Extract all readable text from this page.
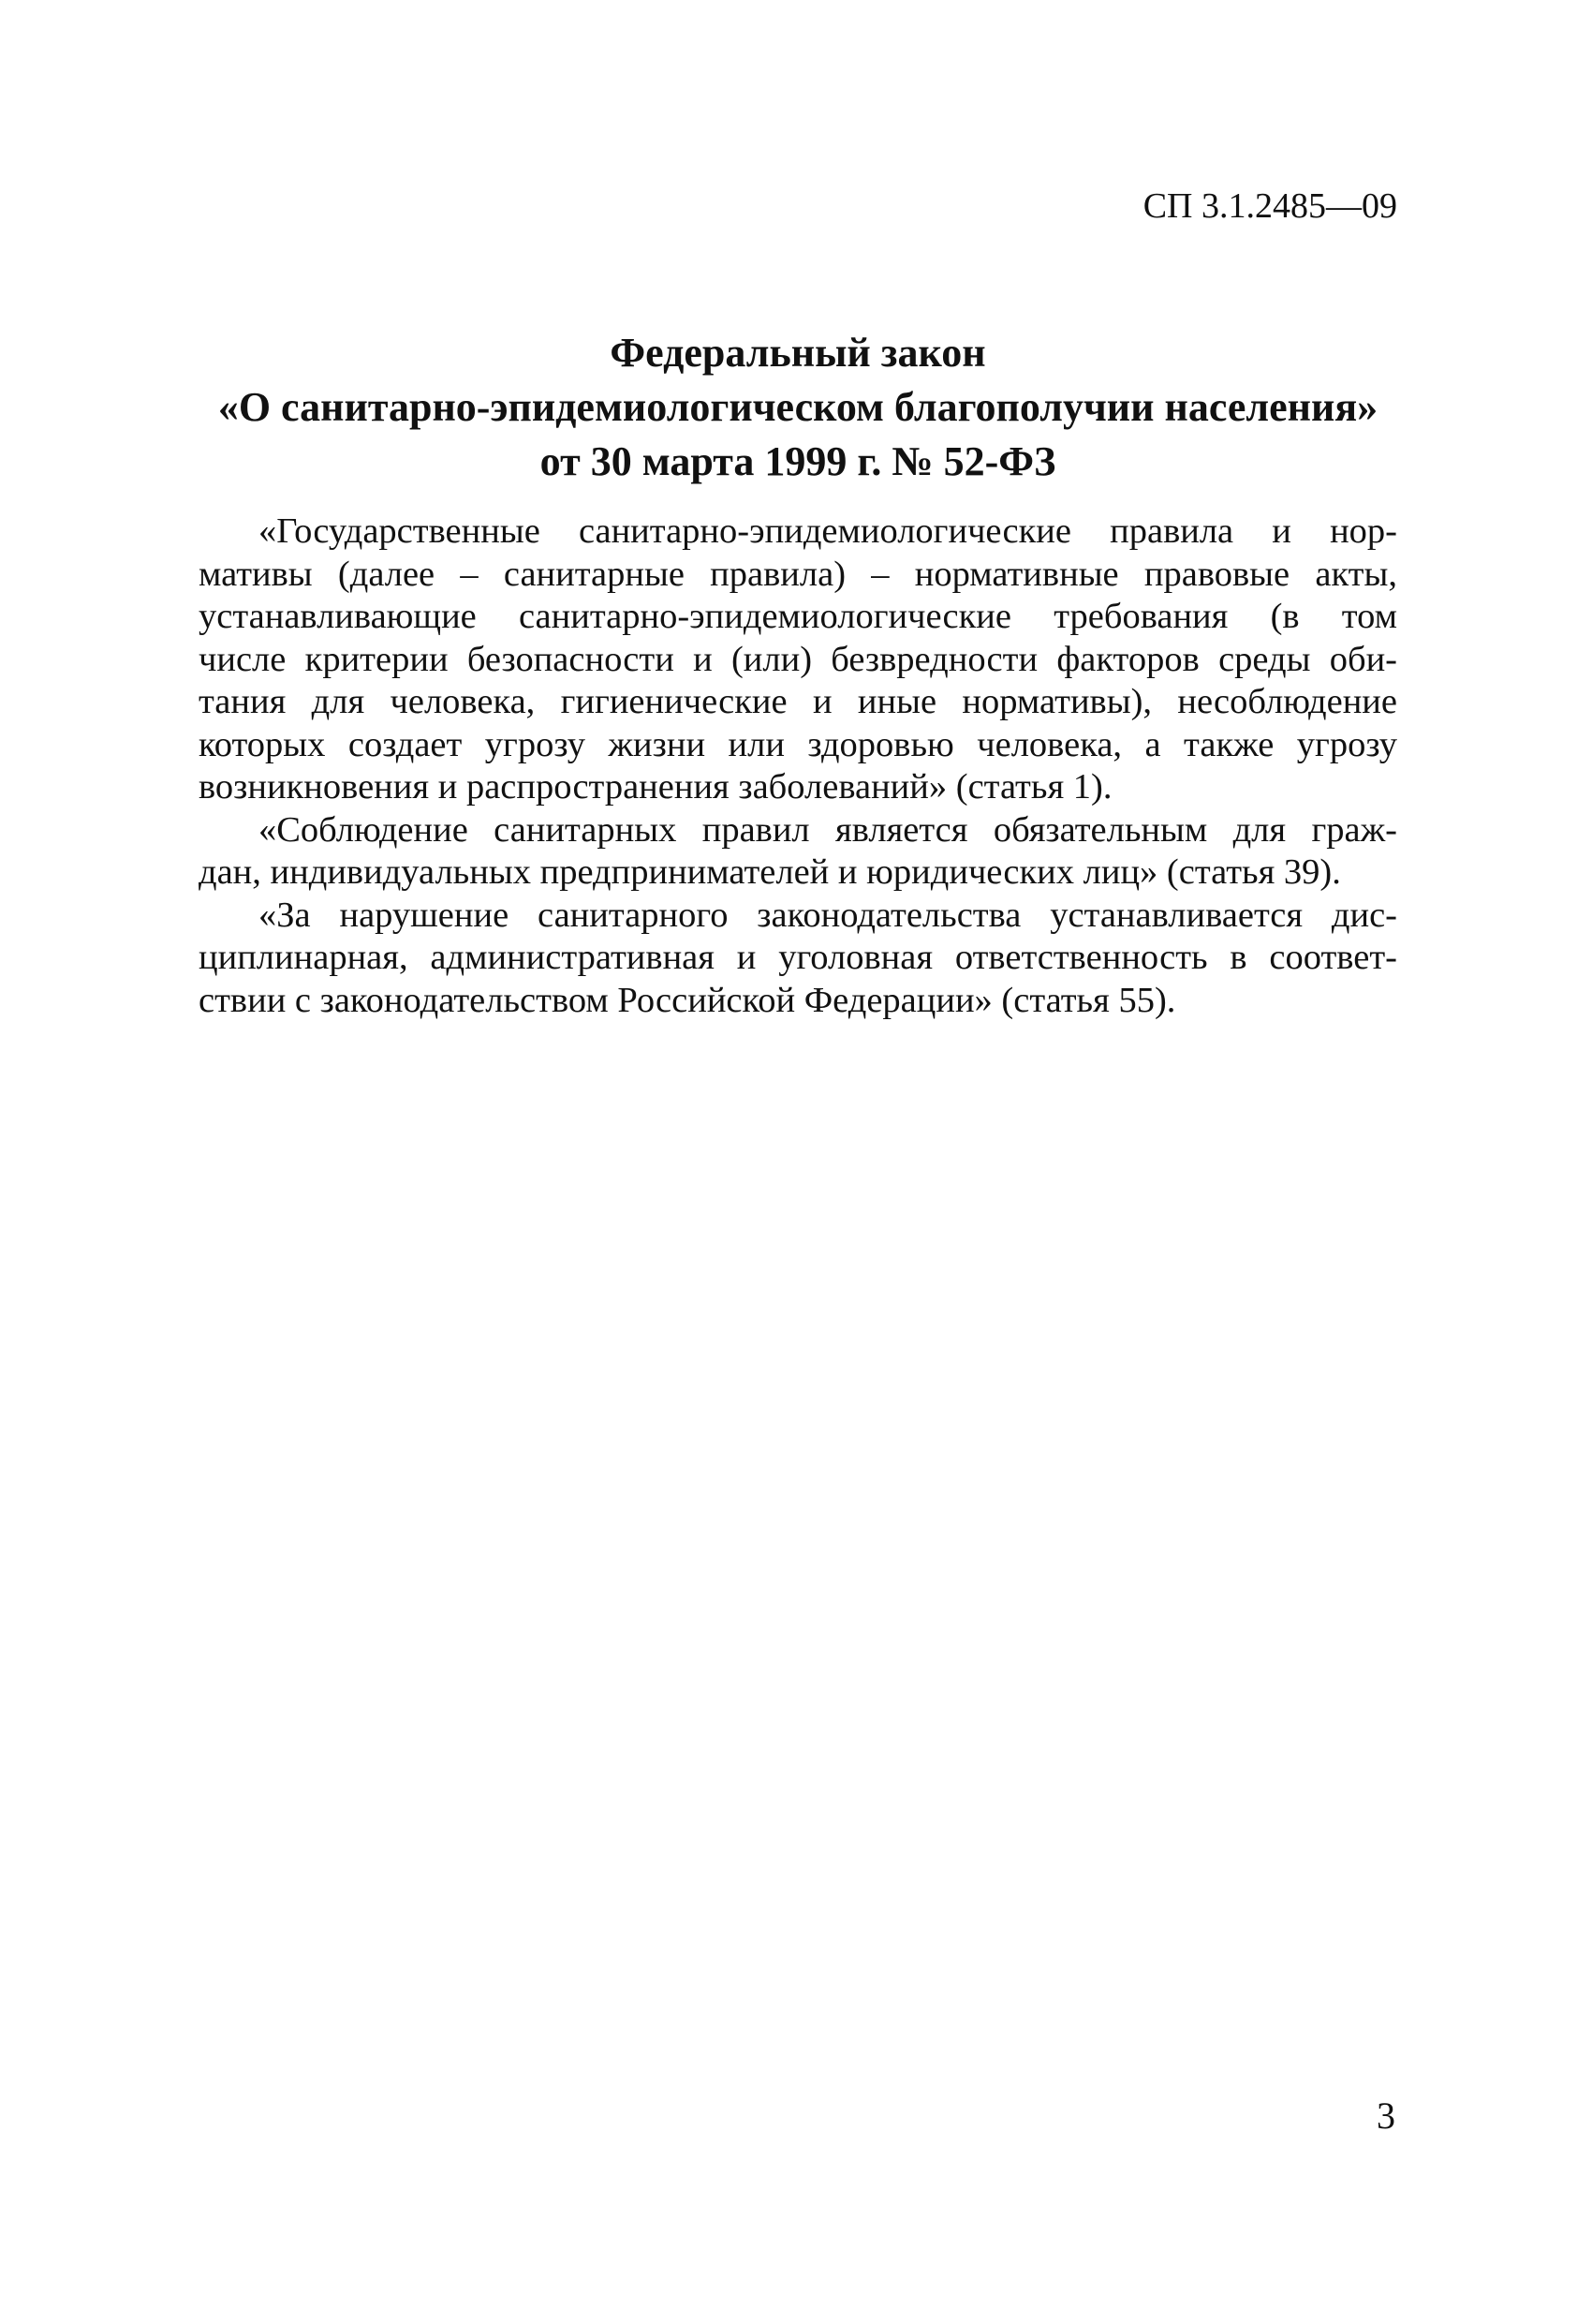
СП 3.1.2485—09
Федеральный закон
«О санитарно-эпидемиологическом благополучии населения»
от 30 марта 1999 г. № 52-ФЗ
«Государственные санитарно-эпидемиологические правила и нор-
мативы (далее – санитарные правила) – нормативные правовые акты,
устанавливающие санитарно-эпидемиологические требования (в том
числе критерии безопасности и (или) безвредности факторов среды оби-
тания для человека, гигиенические и иные нормативы), несоблюдение
которых создает угрозу жизни или здоровью человека, а также угрозу
возникновения и распространения заболеваний» (статья 1).
«Соблюдение санитарных правил является обязательным для граж-
дан, индивидуальных предпринимателей и юридических лиц» (статья 39).
«За нарушение санитарного законодательства устанавливается дис-
циплинарная, административная и уголовная ответственность в соответ-
ствии с законодательством Российской Федерации» (статья 55).
3
